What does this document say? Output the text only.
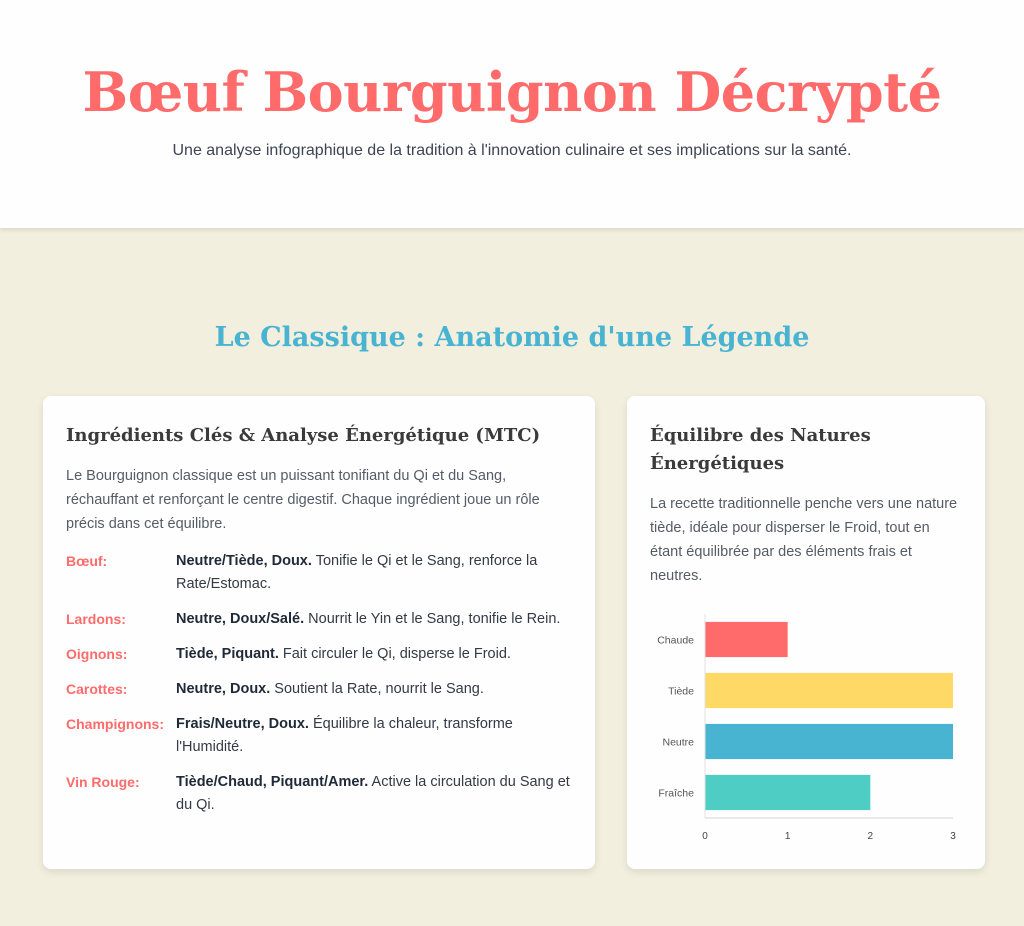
Bœuf Bourguignon Décrypté

Une analyse infographique de la tradition à l'innovation culinaire et ses implications sur la santé.

Le Classique : Anatomie d'une Légende
Ingrédients Clés & Analyse Énergétique (MTC)

Le Bourguignon classique est un puissant tonifiant du Qi et du Sang, réchauffant et renforçant le centre digestif. Chaque ingrédient joue un rôle précis dans cet équilibre.

Bœuf:	Neutre/Tiède, Doux. Tonifie le Qi et le Sang, renforce la Rate/Estomac.
Lardons:	Neutre, Doux/Salé. Nourrit le Yin et le Sang, tonifie le Rein.
Oignons:	Tiède, Piquant. Fait circuler le Qi, disperse le Froid.
Carottes:	Neutre, Doux. Soutient la Rate, nourrit le Sang.
Champignons: Frais/Neutre, Doux. Équilibre la chaleur, transforme l'Humidité.
Vin Rouge:	Tiède/Chaud, Piquant/Amer. Active la circulation du Sang et du Qi.
Équilibre des Natures Énergétiques

La recette traditionnelle penche vers une nature tiède, idéale pour disperser le Froid, tout en étant équilibrée par des éléments frais et neutres.

Chaude
Tiède
Neutre
Fraîche
0	1	2	3
